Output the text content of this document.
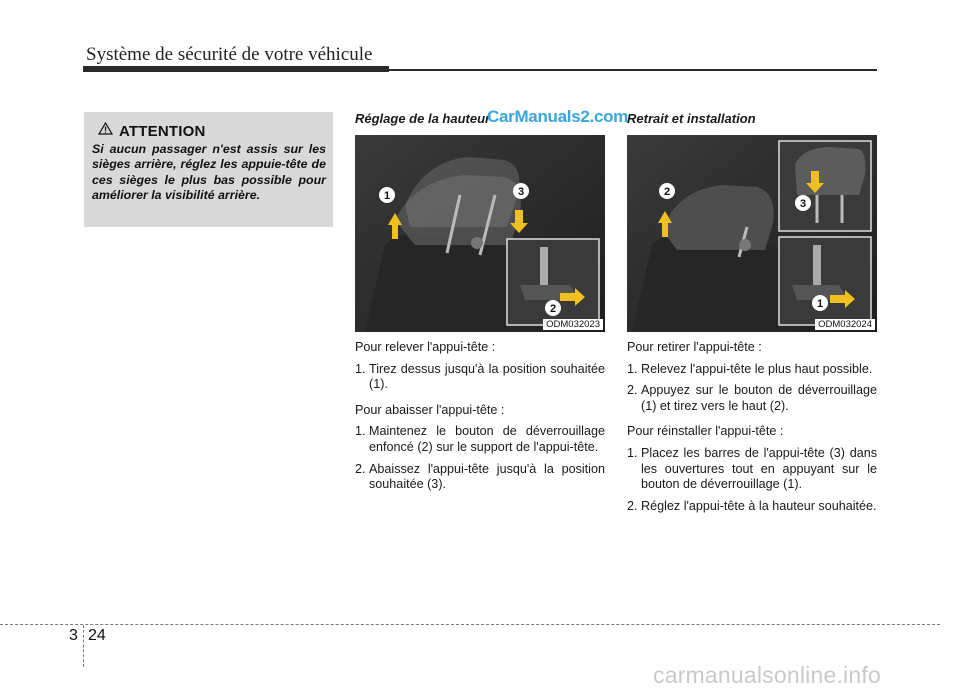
Système de sécurité de votre véhicule
ATTENTION
Si aucun passager n'est assis sur les sièges arrière, réglez les appuie-tête de ces sièges le plus bas possible pour améliorer la visibilité arrière.
Réglage de la hauteur
CarManuals2.com
1	3
2
ODM032023

Pour relever l'appui-tête :

1. Tirez dessus jusqu'à la position souhaitée (1).

Pour abaisser l'appui-tête :

1. Maintenez le bouton de déverrouillage enfoncé (2) sur le support de l'appui-tête.
2. Abaissez l'appui-tête jusqu'à la position souhaitée (3).
Retrait et installation
2
3
1
ODM032024

Pour retirer l'appui-tête :

1. Relevez l'appui-tête le plus haut possible.
2. Appuyez sur le bouton de déverrouillage (1) et tirez vers le haut (2).

Pour réinstaller l'appui-tête :

1. Placez les barres de l'appui-tête (3) dans les ouvertures tout en appuyant sur le bouton de déverrouillage (1).
2. Réglez l'appui-tête à la hauteur souhaitée.
3 24
carmanualsonline.info
